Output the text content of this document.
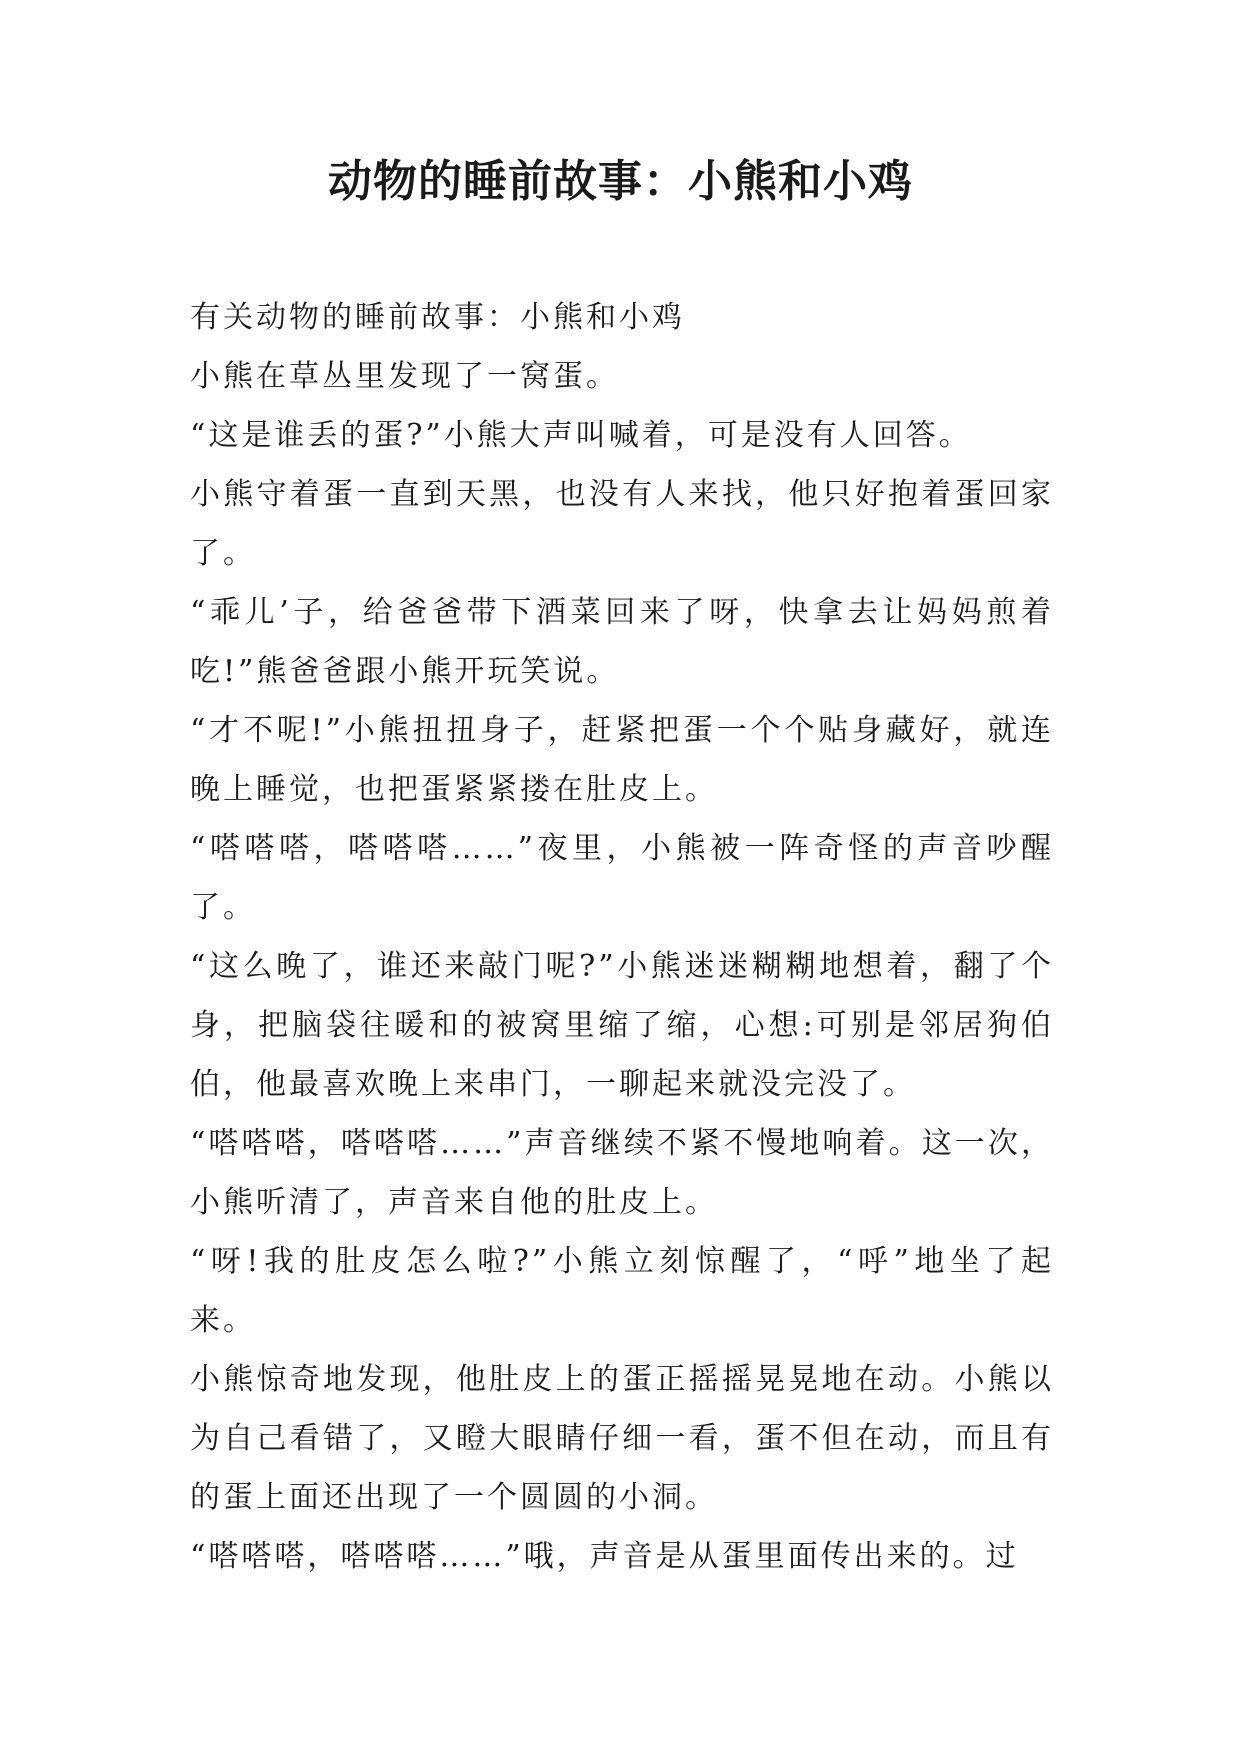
动物的睡前故事：小熊和小鸡

有关动物的睡前故事：小熊和小鸡

小熊在草丛里发现了一窝蛋。

“这是谁丢的蛋?”小熊大声叫喊着，可是没有人回答。

小熊守着蛋一直到天黑，也没有人来找，他只好抱着蛋回家了。

“乖儿’子，给爸爸带下酒菜回来了呀，快拿去让妈妈煎着吃!”熊爸爸跟小熊开玩笑说。

“才不呢!”小熊扭扭身子，赶紧把蛋一个个贴身藏好，就连晚上睡觉，也把蛋紧紧搂在肚皮上。

“嗒嗒嗒，嗒嗒嗒……”夜里，小熊被一阵奇怪的声音吵醒了。

“这么晚了，谁还来敲门呢?”小熊迷迷糊糊地想着，翻了个身，把脑袋往暖和的被窝里缩了缩，心想:可别是邻居狗伯伯，他最喜欢晚上来串门，一聊起来就没完没了。

“嗒嗒嗒，嗒嗒嗒……”声音继续不紧不慢地响着。这一次，小熊听清了，声音来自他的肚皮上。

“呀!我的肚皮怎么啦?”小熊立刻惊醒了，“呼”地坐了起来。

小熊惊奇地发现，他肚皮上的蛋正摇摇晃晃地在动。小熊以为自己看错了，又瞪大眼睛仔细一看，蛋不但在动，而且有的蛋上面还出现了一个圆圆的小洞。

“嗒嗒嗒，嗒嗒嗒……”哦，声音是从蛋里面传出来的。过
